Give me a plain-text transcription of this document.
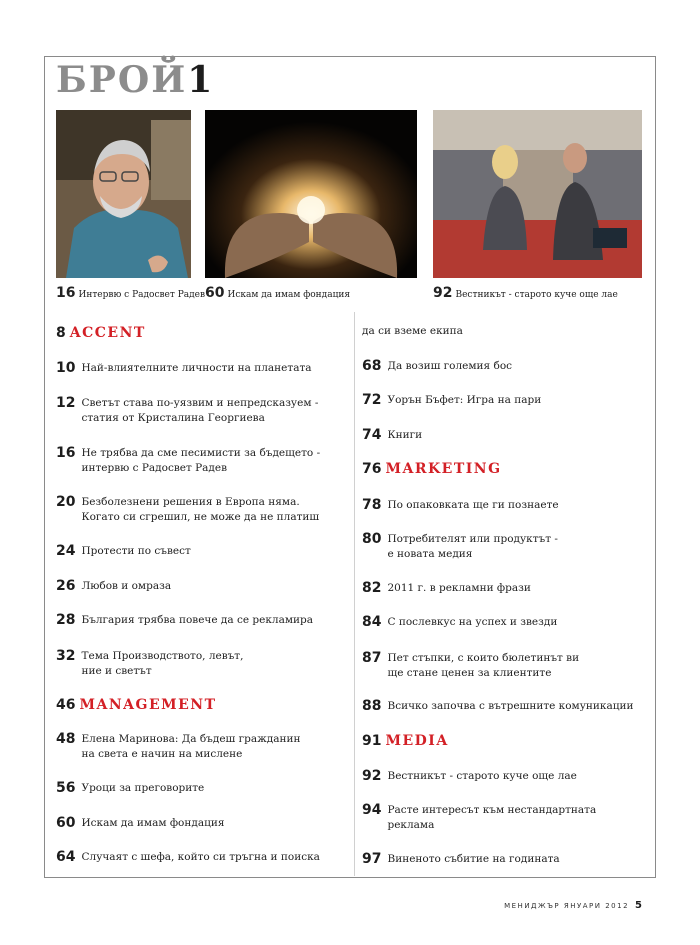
БРОЙ1
16 Интервю с Радосвет Радев 60 Искам да имам фондация	92 Вестникът - старото куче още лае
8 ACCENT
10 Най-влиятелните личности на планетата
12 Светът става по-уязвим и непредсказуем -
статия от Кристалина Георгиева
16 Не трябва да сме песимисти за бъдещето -
интервю с Радосвет Радев
20 Безболезнени решения в Европа няма.
Когато си сгрешил, не може да не платиш
24 Протести по съвест
26 Любов и омраза
28 България трябва повече да се рекламира
32 Тема Производството, левът,
ние и светът
46 MANAGEMENT
48 Елена Маринова: Да бъдеш гражданин
на света е начин на мислене
56 Уроци за преговорите
60 Искам да имам фондация
64 Случаят с шефа, който си тръгна и поиска
да си вземе екипа
68 Да возиш големия бос
72 Уорън Бъфет: Игра на пари
74 Книги
76 MARKETING
78 По опаковката ще ги познаете
80 Потребителят или продуктът -
е новата медия
82 2011 г. в рекламни фрази
84 С послевкус на успех и звезди
87 Пет стъпки, с които бюлетинът ви
ще стане ценен за клиентите
88 Всичко започва с вътрешните комуникации
91 MEDIA
92 Вестникът - старото куче още лае
94 Расте интересът към нестандартната
реклама
97 Виненото събитие на годината
МЕНИДЖЪР ЯНУАРИ 2012 5
